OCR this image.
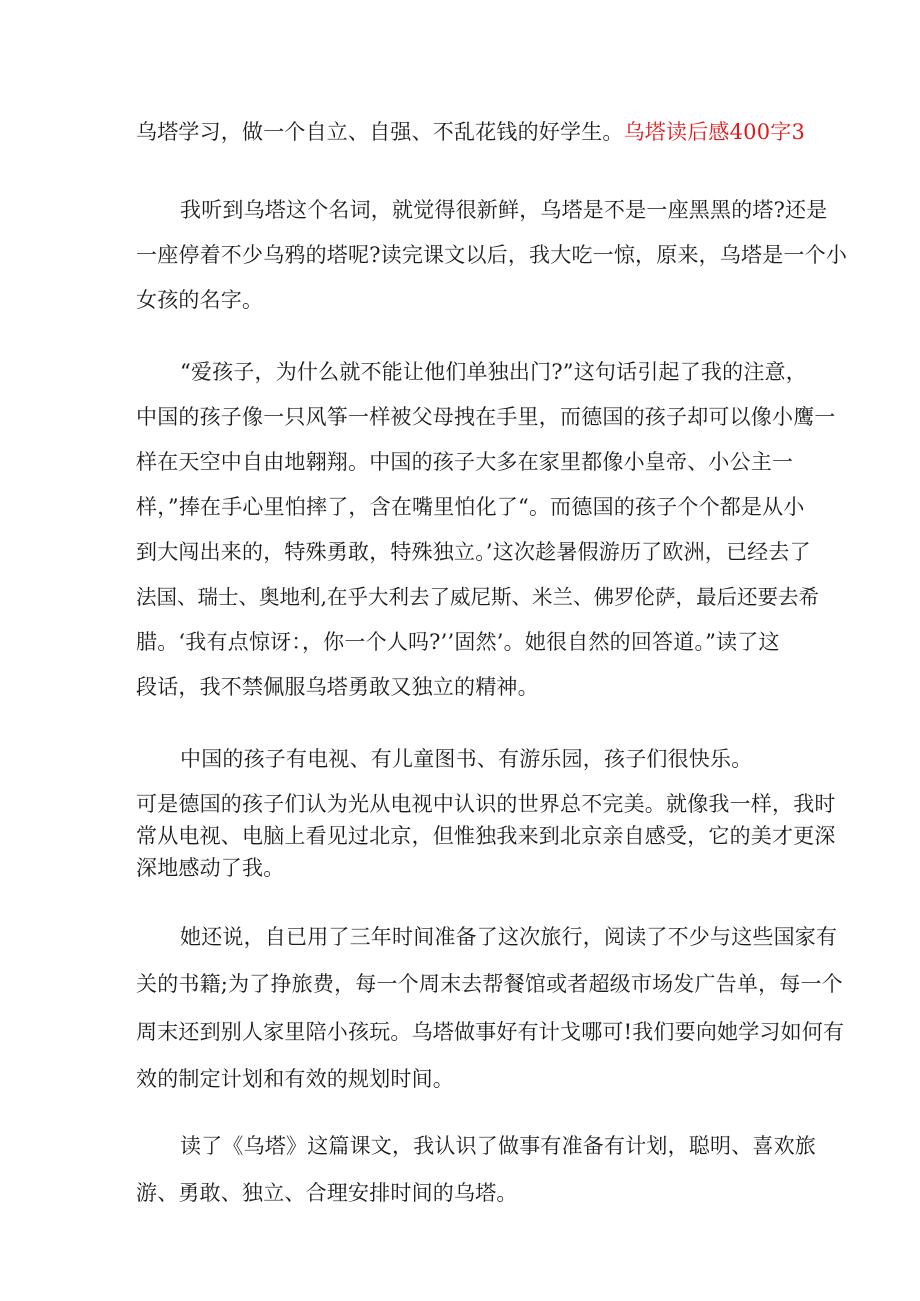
乌塔学习，做一个自立、自强、不乱花钱的好学生。乌塔读后感400字3
我听到乌塔这个名词，就觉得很新鲜，乌塔是不是一座黑黑的塔?还是
一座停着不少乌鸦的塔呢?读完课文以后，我大吃一惊，原来，乌塔是一个小
女孩的名字。
“爱孩子，为什么就不能让他们单独出门?”这句话引起了我的注意，
中国的孩子像一只风筝一样被父母拽在手里，而德国的孩子却可以像小鹰一
样在天空中自由地翱翔。中国的孩子大多在家里都像小皇帝、小公主一
样，”捧在手心里怕摔了，含在嘴里怕化了“。而德国的孩子个个都是从小
到大闯出来的，特殊勇敢，特殊独立。’这次趁暑假游历了欧洲，已经去了
法国、瑞士、奥地利,在乎大利去了威尼斯、米兰、佛罗伦萨，最后还要去希
腊。‘我有点惊讶：，你一个人吗?’’固然’。她很自然的回答道。”读了这
段话，我不禁佩服乌塔勇敢又独立的精神。
中国的孩子有电视、有儿童图书、有游乐园，孩子们很快乐。
可是德国的孩子们认为光从电视中认识的世界总不完美。就像我一样，我时
常从电视、电脑上看见过北京，但惟独我来到北京亲自感受，它的美才更深
深地感动了我。
她还说，自已用了三年时间准备了这次旅行，阅读了不少与这些国家有
关的书籍;为了挣旅费，每一个周末去帮餐馆或者超级市场发广告单，每一个
周末还到别人家里陪小孩玩。乌塔做事好有计戈哪可!我们要向她学习如何有
效的制定计划和有效的规划时间。
读了《乌塔》这篇课文，我认识了做事有准备有计划，聪明、喜欢旅
游、勇敢、独立、合理安排时间的乌塔。
